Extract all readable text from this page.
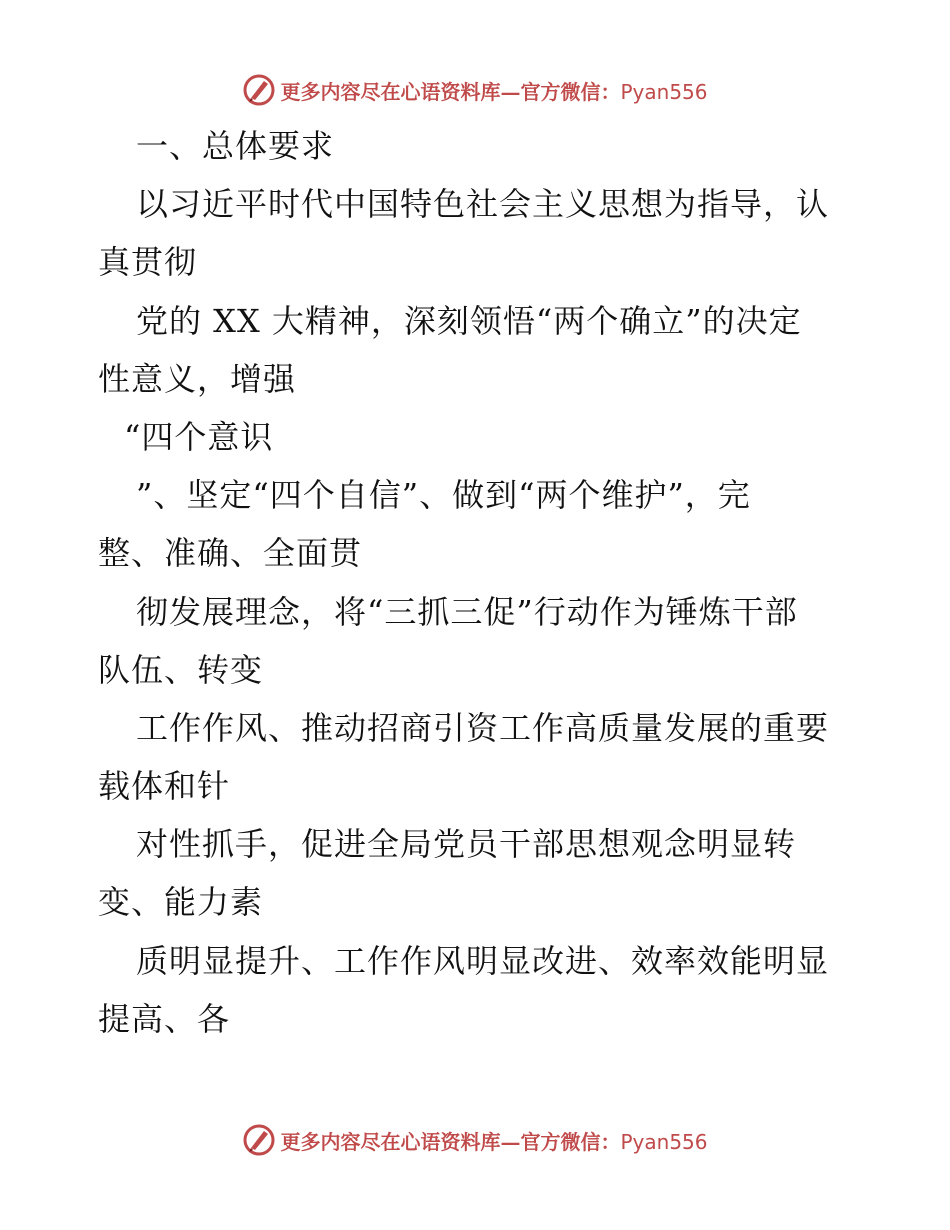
更多内容尽在心语资料库—官方微信：Pyan556
一、总体要求
以习近平时代中国特色社会主义思想为指导，认
真贯彻
党的 XX 大精神，深刻领悟“两个确立”的决定
性意义，增强
“四个意识
”、坚定“四个自信”、做到“两个维护”，完
整、准确、全面贯
彻发展理念，将“三抓三促”行动作为锤炼干部
队伍、转变
工作作风、推动招商引资工作高质量发展的重要
载体和针
对性抓手，促进全局党员干部思想观念明显转
变、能力素
质明显提升、工作作风明显改进、效率效能明显
提高、各
更多内容尽在心语资料库—官方微信：Pyan556
